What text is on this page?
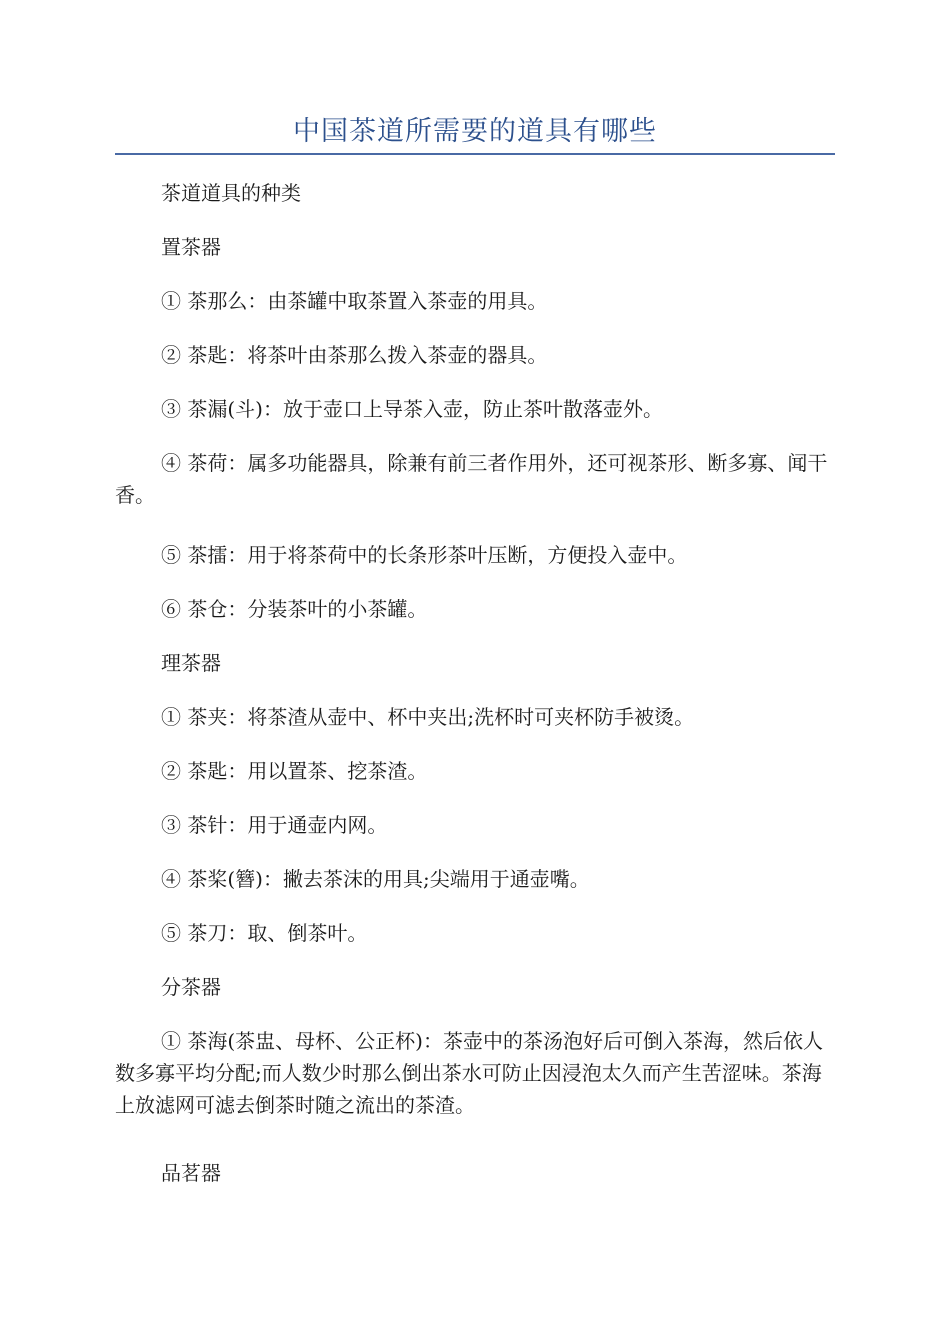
中国茶道所需要的道具有哪些

茶道道具的种类

置茶器

① 茶那么：由茶罐中取茶置入茶壶的用具。

② 茶匙：将茶叶由茶那么拨入茶壶的器具。

③ 茶漏(斗)：放于壶口上导茶入壶，防止茶叶散落壶外。

④ 茶荷：属多功能器具，除兼有前三者作用外，还可视茶形、断多寡、闻干香。

⑤ 茶擂：用于将茶荷中的长条形茶叶压断，方便投入壶中。

⑥ 茶仓：分装茶叶的小茶罐。

理茶器

① 茶夹：将茶渣从壶中、杯中夹出;洗杯时可夹杯防手被烫。

② 茶匙：用以置茶、挖茶渣。

③ 茶针：用于通壶内网。

④ 茶桨(簪)：撇去茶沫的用具;尖端用于通壶嘴。

⑤ 茶刀：取、倒茶叶。

分茶器

① 茶海(茶盅、母杯、公正杯)：茶壶中的茶汤泡好后可倒入茶海，然后依人数多寡平均分配;而人数少时那么倒出茶水可防止因浸泡太久而产生苦涩味。茶海上放滤网可滤去倒茶时随之流出的茶渣。

品茗器
